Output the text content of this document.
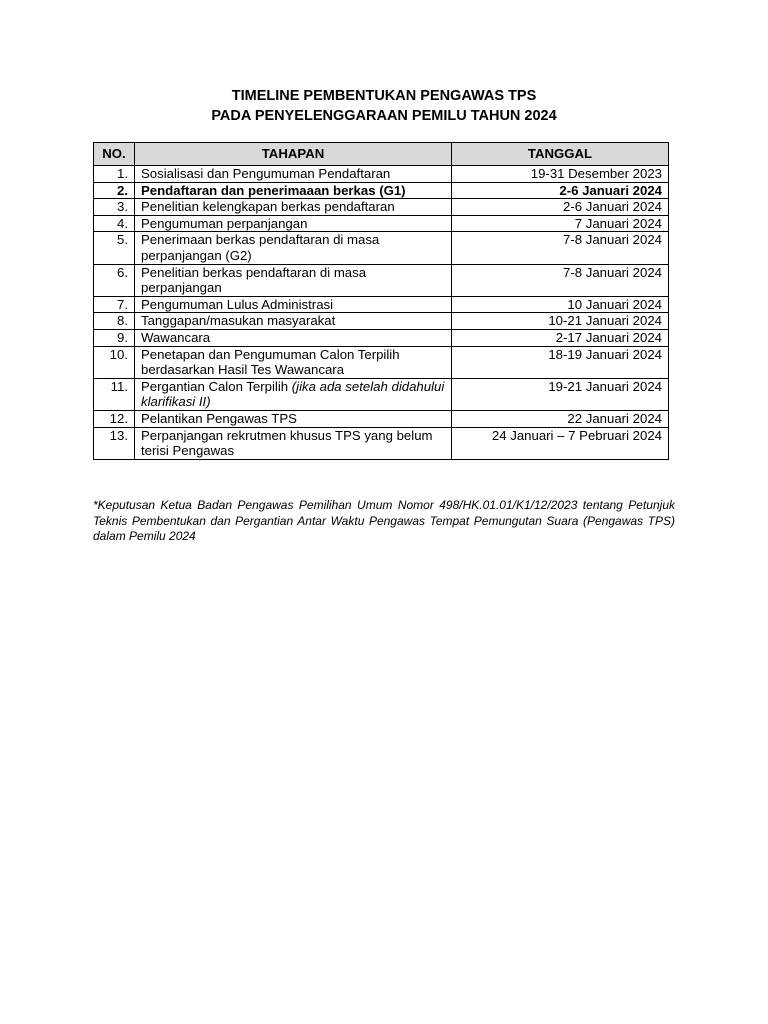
TIMELINE PEMBENTUKAN PENGAWAS TPS
PADA PENYELENGGARAAN PEMILU TAHUN 2024
NO.	TAHAPAN	TANGGAL
1.	Sosialisasi dan Pengumuman Pendaftaran	19-31 Desember 2023
2.	Pendaftaran dan penerimaaan berkas (G1)	2-6 Januari 2024
3.	Penelitian kelengkapan berkas pendaftaran	2-6 Januari 2024
4.	Pengumuman perpanjangan	7 Januari 2024
5.	Penerimaan berkas pendaftaran di masa perpanjangan (G2)	7-8 Januari 2024
6.	Penelitian berkas pendaftaran di masa perpanjangan	7-8 Januari 2024
7.	Pengumuman Lulus Administrasi	10 Januari 2024
8.	Tanggapan/masukan masyarakat	10-21 Januari 2024
9.	Wawancara	2-17 Januari 2024
10.	Penetapan dan Pengumuman Calon Terpilih berdasarkan Hasil Tes Wawancara	18-19 Januari 2024
11.	Pergantian Calon Terpilih (jika ada setelah didahului klarifikasi II)	19-21 Januari 2024
12.	Pelantikan Pengawas TPS	22 Januari 2024
13.	Perpanjangan rekrutmen khusus TPS yang belum terisi Pengawas	24 Januari – 7 Pebruari 2024

*Keputusan Ketua Badan Pengawas Pemilihan Umum Nomor 498/HK.01.01/K1/12/2023 tentang Petunjuk Teknis Pembentukan dan Pergantian Antar Waktu Pengawas Tempat Pemungutan Suara (Pengawas TPS) dalam Pemilu 2024
